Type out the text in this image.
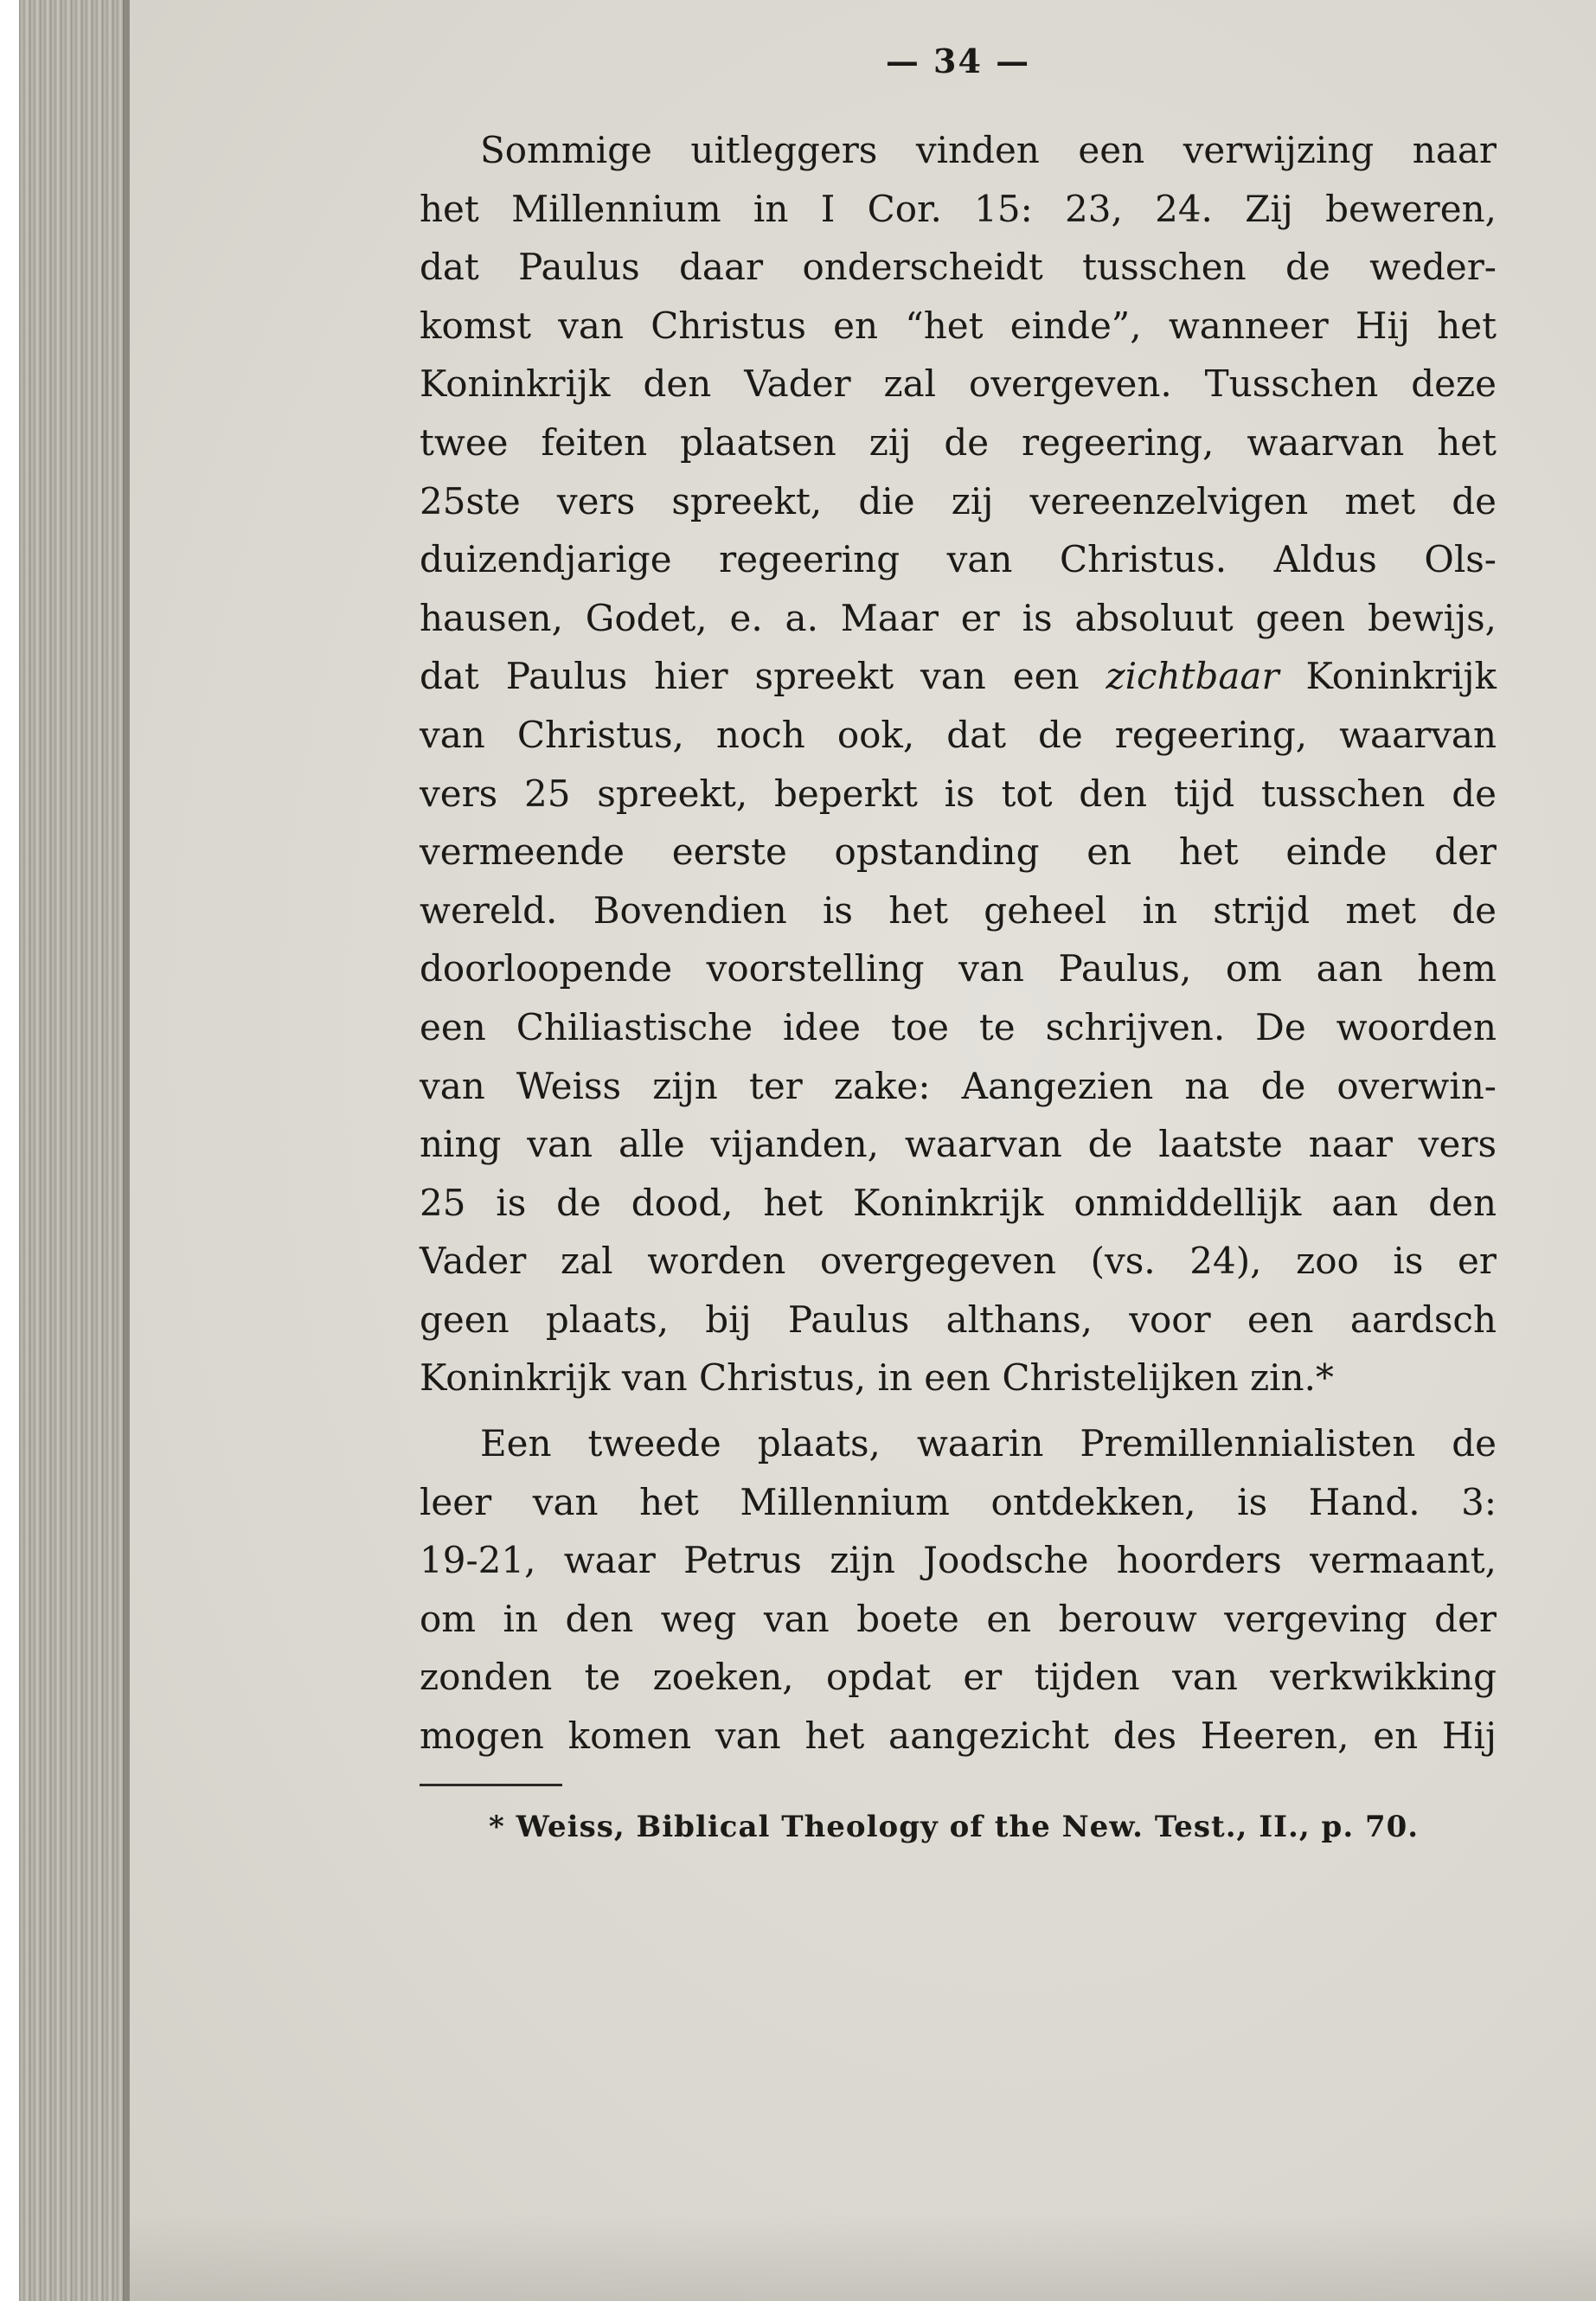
— 34 —
Sommige uitleggers vinden een verwijzing naar
het Millennium in I Cor. 15: 23, 24. Zij beweren,
dat Paulus daar onderscheidt tusschen de weder-
komst van Christus en “het einde”, wanneer Hij het
Koninkrijk den Vader zal overgeven. Tusschen deze
twee feiten plaatsen zij de regeering, waarvan het
25ste vers spreekt, die zij vereenzelvigen met de
duizendjarige regeering van Christus. Aldus Ols-
hausen, Godet, e. a. Maar er is absoluut geen bewijs,
dat Paulus hier spreekt van een zichtbaar Koninkrijk
van Christus, noch ook, dat de regeering, waarvan
vers 25 spreekt, beperkt is tot den tijd tusschen de
vermeende eerste opstanding en het einde der
wereld. Bovendien is het geheel in strijd met de
doorloopende voorstelling van Paulus, om aan hem
een Chiliastische idee toe te schrijven. De woorden
van Weiss zijn ter zake: Aangezien na de overwin-
ning van alle vijanden, waarvan de laatste naar vers
25 is de dood, het Koninkrijk onmiddellijk aan den
Vader zal worden overgegeven (vs. 24), zoo is er
geen plaats, bij Paulus althans, voor een aardsch
Koninkrijk van Christus, in een Christelijken zin.*
Een tweede plaats, waarin Premillennialisten de
leer van het Millennium ontdekken, is Hand. 3:
19-21, waar Petrus zijn Joodsche hoorders vermaant,
om in den weg van boete en berouw vergeving der
zonden te zoeken, opdat er tijden van verkwikking
mogen komen van het aangezicht des Heeren, en Hij
* Weiss, Biblical Theology of the New. Test., II., p. 70.
